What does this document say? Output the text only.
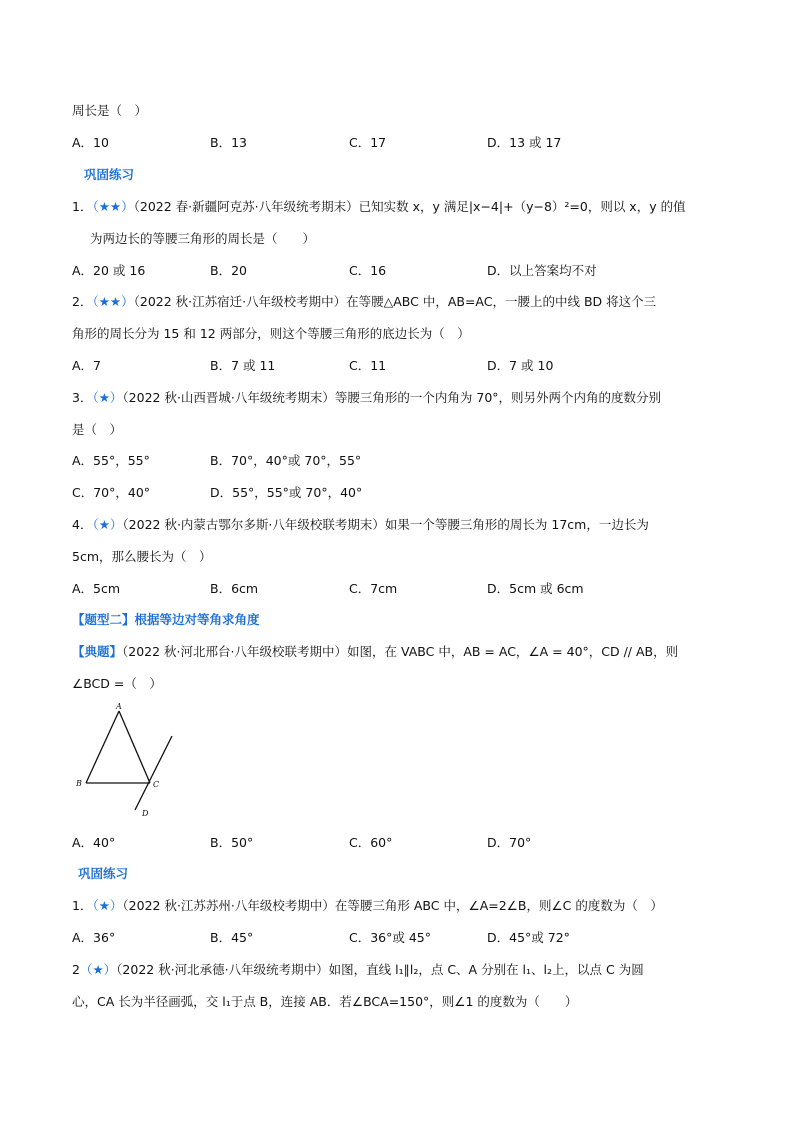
周长是（　）
A．10	B．13	C．17	D．13 或 17
巩固练习
1．（★★）（2022 春·新疆阿克苏·八年级统考期末）已知实数 x，y 满足|x−4|+（y−8）²=0，则以 x，y 的值
为两边长的等腰三角形的周长是（　　）
A．20 或 16	B．20	C．16	D．以上答案均不对
2．（★★）（2022 秋·江苏宿迁·八年级校考期中）在等腰△ABC 中，AB=AC，一腰上的中线 BD 将这个三
角形的周长分为 15 和 12 两部分，则这个等腰三角形的底边长为（　）
A．7	B．7 或 11	C．11	D．7 或 10
3．（★）（2022 秋·山西晋城·八年级统考期末）等腰三角形的一个内角为 70°，则另外两个内角的度数分别
是（　）
A．55°，55°	B．70°，40°或 70°，55°
C．70°，40°	D．55°，55°或 70°，40°
4．（★）（2022 秋·内蒙古鄂尔多斯·八年级校联考期末）如果一个等腰三角形的周长为 17cm，一边长为
5cm，那么腰长为（　）
A．5cm	B．6cm	C．7cm	D．5cm 或 6cm
【题型二】根据等边对等角求角度
【典题】（2022 秋·河北邢台·八年级校联考期中）如图，在 VABC 中，AB = AC，∠A = 40°，CD // AB，则
∠BCD =（　）
A
B	C
D
A．40°	B．50°	C．60°	D．70°
巩固练习
1．（★）（2022 秋·江苏苏州·八年级校考期中）在等腰三角形 ABC 中，∠A=2∠B，则∠C 的度数为（　）
A．36°	B．45°	C．36°或 45°	D．45°或 72°
2（★）（2022 秋·河北承德·八年级统考期中）如图，直线 l₁∥l₂，点 C、A 分别在 l₁、l₂上，以点 C 为圆
心，CA 长为半径画弧，交 l₁于点 B，连接 AB．若∠BCA=150°，则∠1 的度数为（　　）
